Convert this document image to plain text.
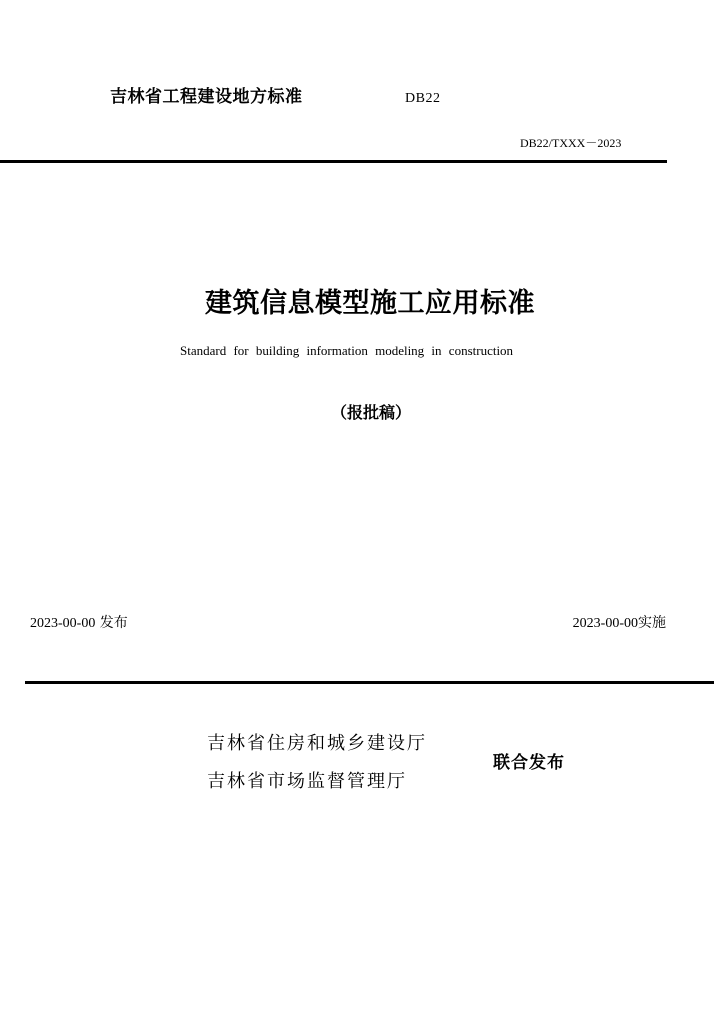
吉林省工程建设地方标准	DB22
DB22/TXXX－2023
建筑信息模型施工应用标准
Standard for building information modeling in construction
（报批稿）
2023-00-00 发布	2023-00-00实施
吉林省住房和城乡建设厅
吉林省市场监督管理厅
联合发布
